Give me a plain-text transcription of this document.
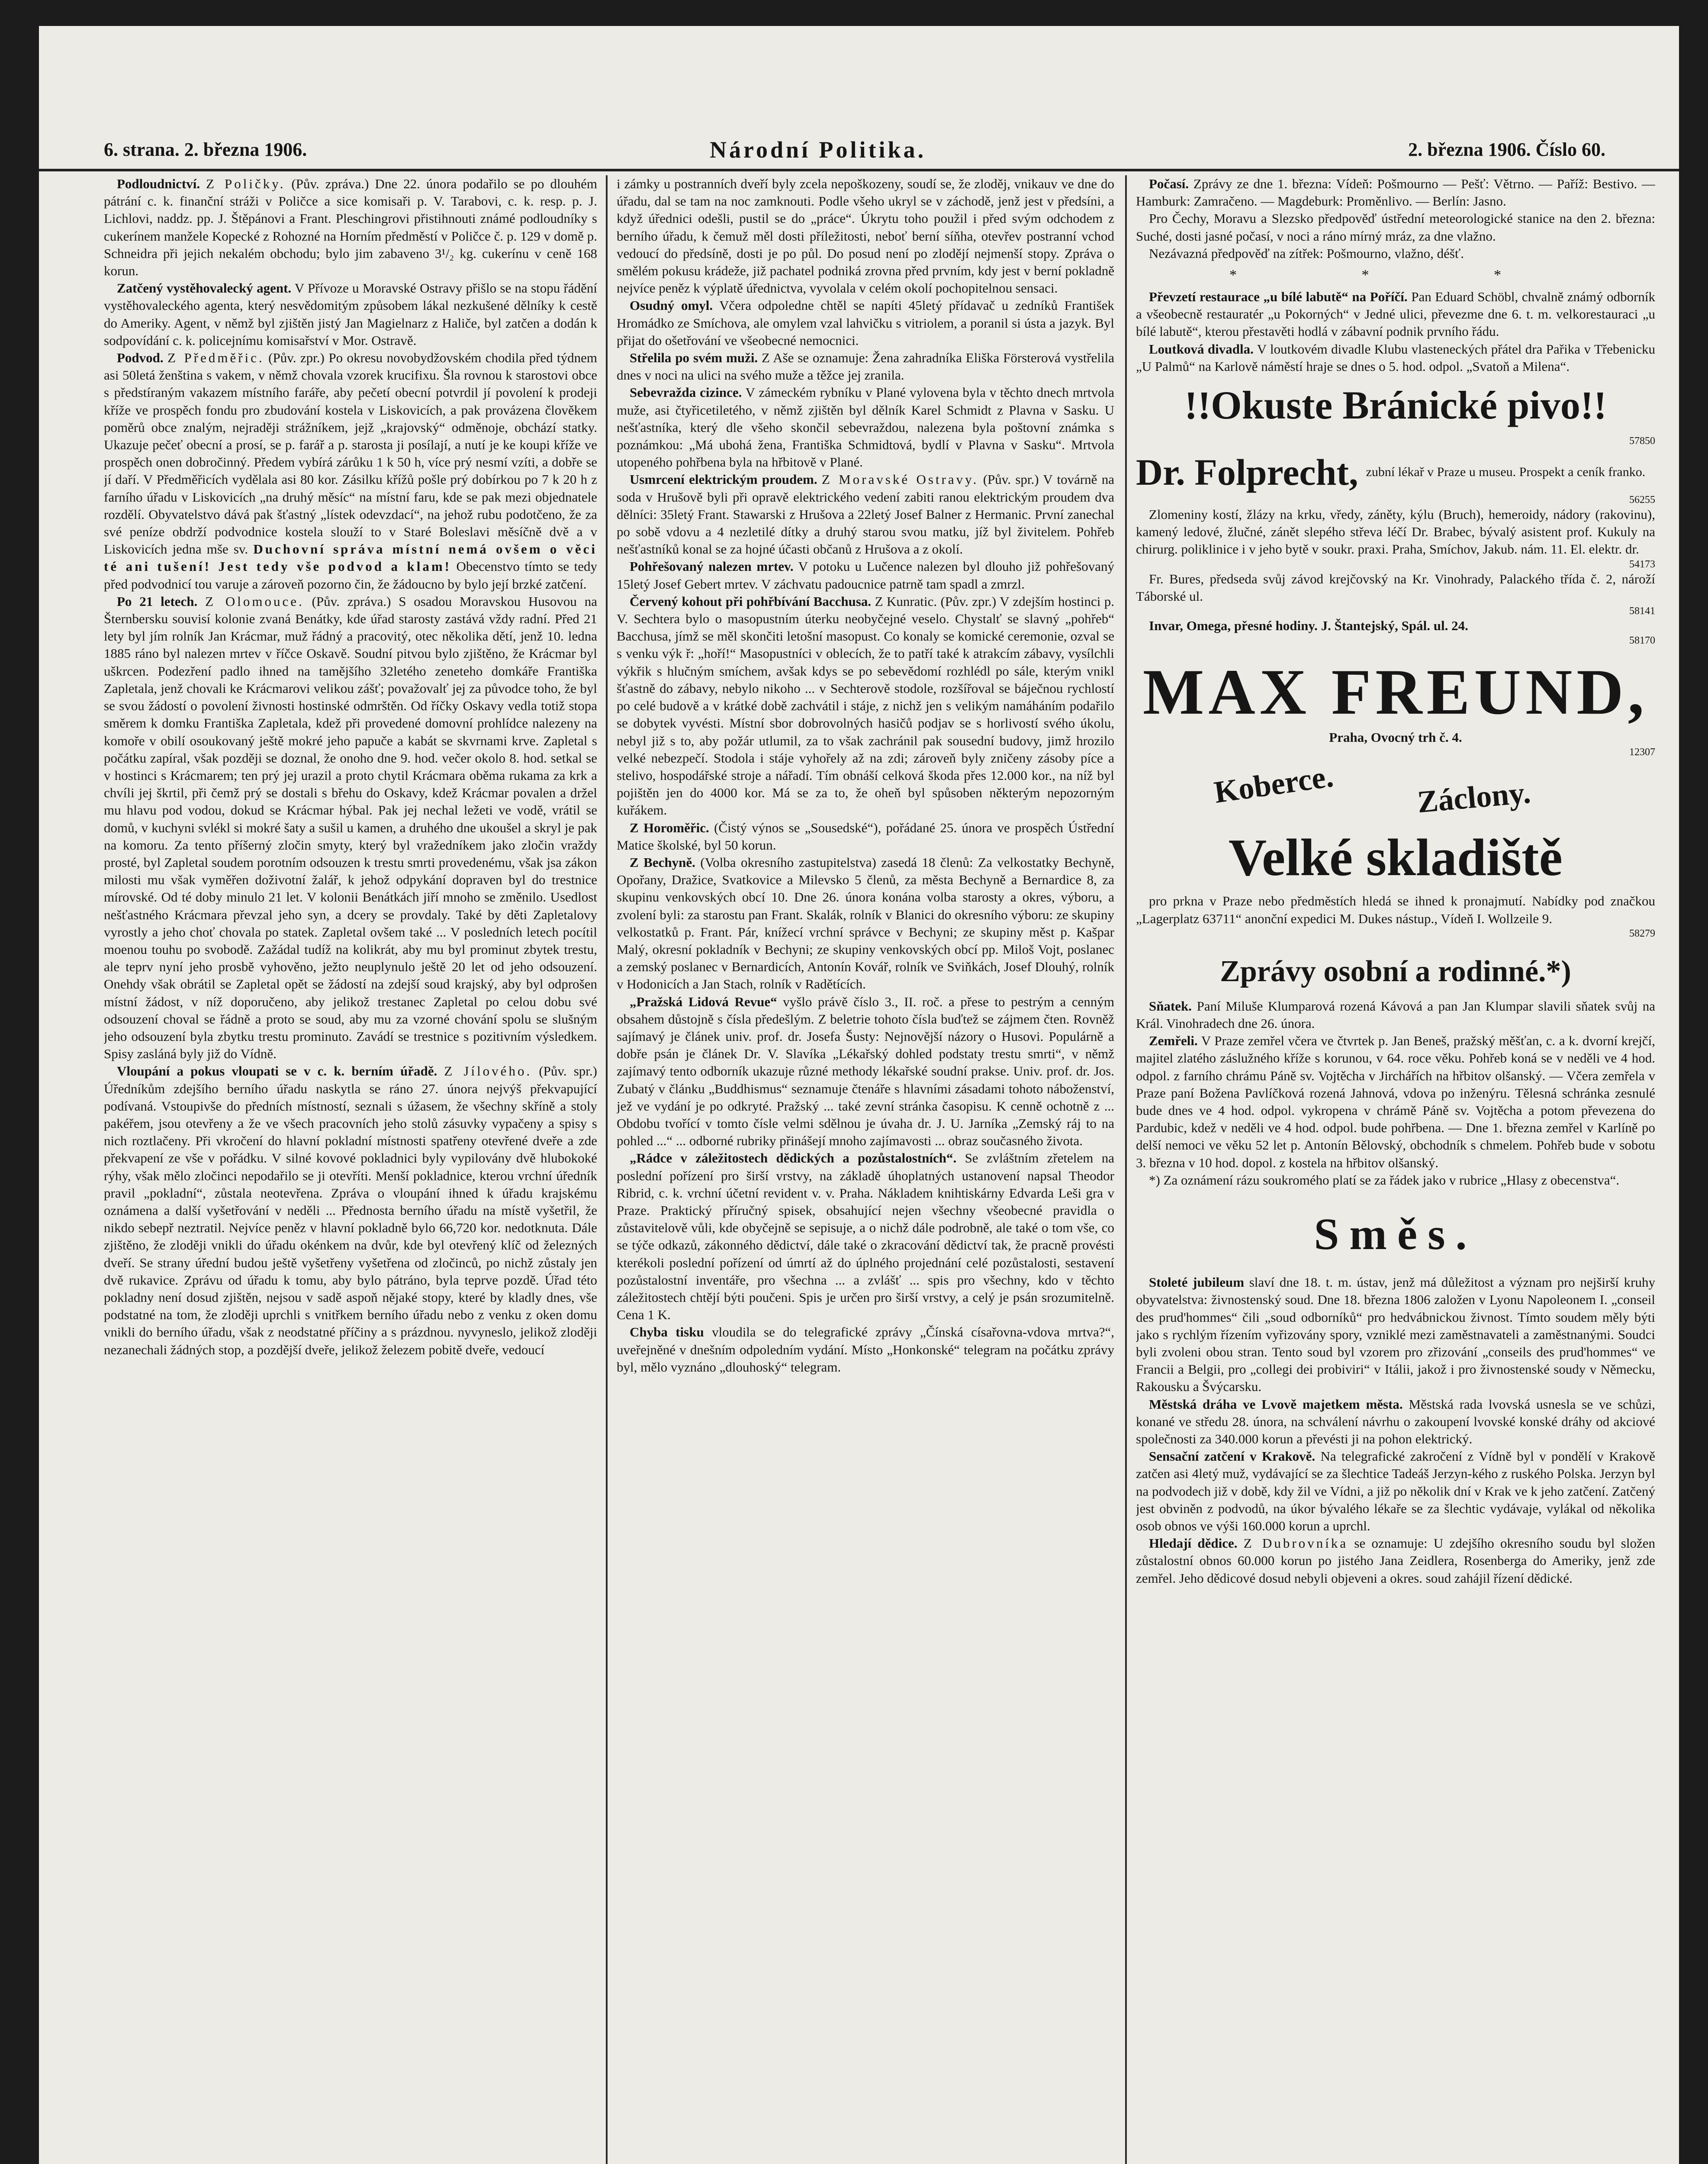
6. strana. 2. března 1906.	Národní Politika.	2. března 1906. Číslo 60.

Podloudnictví. Z Poličky. (Pův. zpráva.) Dne 22. února podařilo se po dlouhém pátrání c. k. finanční stráži v Poličce a sice komisaři p. V. Tarabovi, c. k. resp. p. J. Lichlovi, naddz. pp. J. Štěpánovi a Frant. Pleschingrovi přistihnouti známé podloudníky s cukerínem manžele Kopecké z Rohozné na Horním předměstí v Poličce č. p. 129 v domě p. Schneidra při jejich nekalém obchodu; bylo jim zabaveno 3¹/₂ kg. cukerínu v ceně 168 korun.

Zatčený vystěhovalecký agent. V Přívoze u Moravské Ostravy přišlo se na stopu řádění vystěhovaleckého agenta, který nesvědomitým způsobem lákal nezkušené dělníky k cestě do Ameriky. Agent, v němž byl zjištěn jistý Jan Magielnarz z Haliče, byl zatčen a dodán k sodpovídání c. k. policejnímu komisařství v Mor. Ostravě.

Podvod. Z Předměřic. (Pův. zpr.) Po okresu novobydžovském chodila před týdnem asi 50letá ženština s vakem, v němž chovala vzorek krucifixu. Šla rovnou k starostovi obce s předstíraným vakazem místního faráře, aby pečetí obecní potvrdil jí povolení k prodeji kříže ve prospěch fondu pro zbudování kostela v Liskovicích, a pak provázena člověkem poměrů obce znalým, nejraději strážníkem, jejž „krajovský“ odměnoje, obchází statky. Ukazuje pečeť obecní a prosí, se p. farář a p. starosta ji posílají, a nutí je ke koupi kříže ve prospěch onen dobročinný. Předem vybírá zárůku 1 k 50 h, více prý nesmí vzíti, a dobře se jí daří. V Předměřicích vydělala asi 80 kor. Zásilku křížů pošle prý dobírkou po 7 k 20 h z farního úřadu v Liskovicích „na druhý měsíc“ na místní faru, kde se pak mezi objednatele rozdělí. Obyvatelstvo dává pak šťastný „lístek odevzdací“, na jehož rubu podotčeno, že za své peníze obdrží podvodnice kostela slouží to v Staré Boleslavi měsíčně dvě a v Liskovicích jedna mše sv. Duchovní správa místní nemá ovšem o věci té ani tušení! Jest tedy vše podvod a klam! Obecenstvo tímto se tedy před podvodnicí tou varuje a zároveň pozorno čin, že žádoucno by bylo její brzké zatčení.

Po 21 letech. Z Olomouce. (Pův. zpráva.) S osadou Moravskou Husovou na Šternbersku souvisí kolonie zvaná Benátky, kde úřad starosty zastává vždy radní. Před 21 lety byl jím rolník Jan Krácmar, muž řádný a pracovitý, otec několika dětí, jenž 10. ledna 1885 ráno byl nalezen mrtev v říčce Oskavě. Soudní pitvou bylo zjištěno, že Krácmar byl uškrcen. Podezření padlo ihned na tamějšího 32letého zeneteho domkáře Františka Zapletala, jenž chovali ke Krácmarovi velikou zášť; považovalť jej za původce toho, že byl se svou žádostí o povolení živnosti hostinské odmrštěn. Od říčky Oskavy vedla totiž stopa směrem k domku Františka Zapletala, kdež při provedené domovní prohlídce nalezeny na komoře v obilí osoukovaný ještě mokré jeho papuče a kabát se skvrnami krve. Zapletal s počátku zapíral, však později se doznal, že onoho dne 9. hod. večer okolo 8. hod. setkal se v hostinci s Krácmarem; ten prý jej urazil a proto chytil Krácmara oběma rukama za krk a chvíli jej škrtil, při čemž prý se dostali s břehu do Oskavy, kdež Krácmar povalen a držel mu hlavu pod vodou, dokud se Krácmar hýbal. Pak jej nechal ležeti ve vodě, vrátil se domů, v kuchyni svlékl si mokré šaty a sušil u kamen, a druhého dne ukoušel a skryl je pak na komoru. Za tento příšerný zločin smyty, který byl vražedníkem jako zločin vraždy prosté, byl Zapletal soudem porotním odsouzen k trestu smrti provedenému, však jsa zákon milosti mu však vyměřen doživotní žalář, k jehož odpykání dopraven byl do trestnice mírovské. Od té doby minulo 21 let. V kolonii Benátkách jiří mnoho se změnilo. Usedlost nešťastného Krácmara převzal jeho syn, a dcery se provdaly. Také by děti Zapletalovy vyrostly a jeho choť chovala po statek. Zapletal ovšem také ... V posledních letech pocítil moenou touhu po svobodě. Zažádal tudíž na kolikrát, aby mu byl prominut zbytek trestu, ale teprv nyní jeho prosbě vyhověno, ježto neuplynulo ještě 20 let od jeho odsouzení. Onehdy však obrátil se Zapletal opět se žádostí na zdejší soud krajský, aby byl odprošen místní žádost, v níž doporučeno, aby jelikož trestanec Zapletal po celou dobu své odsouzení choval se řádně a proto se soud, aby mu za vzorné chování spolu se slušným jeho odsouzení byla zbytku trestu prominuto. Zavádí se trestnice s pozitivním výsledkem. Spisy zasláná byly již do Vídně.

Vloupání a pokus vloupati se v c. k. berním úřadě. Z Jílového. (Pův. spr.) Úředníkům zdejšího berního úřadu naskytla se ráno 27. února nejvýš překvapující podívaná. Vstoupivše do předních místností, seznali s úžasem, že všechny skříně a stoly pakéřem, jsou otevřeny a že ve všech pracovních jeho stolů zásuvky vypačeny a spisy s nich roztlačeny. Při vkročení do hlavní pokladní místnosti spatřeny otevřené dveře a zde překvapení ze vše v pořádku. V silné kovové pokladnici byly vypilovány dvě hlubokoké rýhy, však mělo zločinci nepodařilo se ji otevříti. Menší pokladnice, kterou vrchní úředník pravil „pokladní“, zůstala neotevřena. Zpráva o vloupání ihned k úřadu krajskému oznámena a další vyšetřování v neděli ... Přednosta berního úřadu na místě vyšetřil, že nikdo sebepř neztratil. Nejvíce peněz v hlavní pokladně bylo 66,720 kor. nedotknuta. Dále zjištěno, že zloději vnikli do úřadu okénkem na dvůr, kde byl otevřený klíč od železných dveří. Se strany úřední budou ještě vyšetřeny vyšetřena od zločinců, po nichž zůstaly jen dvě rukavice. Zprávu od úřadu k tomu, aby bylo pátráno, byla teprve pozdě. Úřad této pokladny není dosud zjištěn, nejsou v sadě aspoň nějaké stopy, které by kladly dnes, vše podstatné na tom, že zloději uprchli s vnitřkem berního úřadu nebo z venku z oken domu vnikli do berního úřadu, však z neodstatné příčiny a s prázdnou. nyvyneslo, jelikož zloději nezanechali žádných stop, a pozdější dveře, jelikož železem pobitě dveře, vedoucí

i zámky u postranních dveří byly zcela nepoškozeny, soudí se, že zloděj, vnikauv ve dne do úřadu, dal se tam na noc zamknouti. Podle všeho ukryl se v záchodě, jenž jest v předsíni, a když úřednici odešli, pustil se do „práce“. Úkrytu toho použil i před svým odchodem z berního úřadu, k čemuž měl dosti příležitosti, neboť berní síňha, otevřev postranní vchod vedoucí do předsíně, dosti je po půl. Do posud není po zlodějí nejmenší stopy. Zpráva o smělém pokusu krádeže, již pachatel podniká zrovna před prvním, kdy jest v berní pokladně nejvíce peněz k výplatě úřednictva, vyvolala v celém okolí pochopitelnou sensaci.

Osudný omyl. Včera odpoledne chtěl se napíti 45letý přídavač u zedníků František Hromádko ze Smíchova, ale omylem vzal lahvičku s vitriolem, a poranil si ústa a jazyk. Byl přijat do ošetřování ve všeobecné nemocnici.

Střelila po svém muži. Z Aše se oznamuje: Žena zahradníka Eliška Försterová vystřelila dnes v noci na ulici na svého muže a těžce jej zranila.

Sebevražda cizince. V zámeckém rybníku v Plané vylovena byla v těchto dnech mrtvola muže, asi čtyřicetiletého, v němž zjištěn byl dělník Karel Schmidt z Plavna v Sasku. U nešťastníka, který dle všeho skončil sebevraždou, nalezena byla poštovní známka s poznámkou: „Má ubohá žena, Františka Schmidtová, bydlí v Plavna v Sasku“. Mrtvola utopeného pohřbena byla na hřbitově v Plané.

Usmrcení elektrickým proudem. Z Moravské Ostravy. (Pův. spr.) V továrně na soda v Hrušově byli při opravě elektrického vedení zabiti ranou elektrickým proudem dva dělníci: 35letý Frant. Stawarski z Hrušova a 22letý Josef Balner z Hermanic. První zanechal po sobě vdovu a 4 nezletilé dítky a druhý starou svou matku, jíž byl živitelem. Pohřeb nešťastníků konal se za hojné účasti občanů z Hrušova a z okolí.

Pohřešovaný nalezen mrtev. V potoku u Lučence nalezen byl dlouho již pohřešovaný 15letý Josef Gebert mrtev. V záchvatu padoucnice patrně tam spadl a zmrzl.

Červený kohout při pohřbívání Bacchusa. Z Kunratic. (Pův. zpr.) V zdejším hostinci p. V. Sechtera bylo o masopustním úterku neobyčejné veselo. Chystalť se slavný „pohřeb“ Bacchusa, jímž se měl skončiti letošní masopust. Co konaly se komické ceremonie, ozval se s venku výk ř: „hoří!“ Masopustníci v oblecích, že to patří také k atrakcím zábavy, vysílchli výkřik s hlučným smíchem, avšak kdys se po sebevědomí rozhlédl po sále, kterým vnikl šťastně do zábavy, nebylo nikoho ... v Sechterově stodole, rozšířoval se báječnou rychlostí po celé budově a v krátké době zachvátil i stáje, z nichž jen s velikým namáháním podařilo se dobytek vyvésti. Místní sbor dobrovolných hasičů podjav se s horlivostí svého úkolu, nebyl již s to, aby požár utlumil, za to však zachránil pak sousední budovy, jimž hrozilo velké nebezpečí. Stodola i stáje vyhořely až na zdi; zároveň byly zničeny zásoby píce a stelivo, hospodářské stroje a nářadí. Tím obnáší celková škoda přes 12.000 kor., na níž byl pojištěn jen do 4000 kor. Má se za to, že oheň byl spůsoben některým nepozorným kuřákem.

Z Horoměřic. (Čistý výnos se „Sousedské“), pořádané 25. února ve prospěch Ústřední Matice školské, byl 50 korun.

Z Bechyně. (Volba okresního zastupitelstva) zasedá 18 členů: Za velkostatky Bechyně, Opořany, Dražice, Svatkovice a Milevsko 5 členů, za města Bechyně a Bernardice 8, za skupinu venkovských obcí 10. Dne 26. února konána volba starosty a okres, výboru, a zvolení byli: za starostu pan Frant. Skalák, rolník v Blanici do okresního výboru: ze skupiny velkostatků p. Frant. Pár, knížecí vrchní správce v Bechyni; ze skupiny měst p. Kašpar Malý, okresní pokladník v Bechyni; ze skupiny venkovských obcí pp. Miloš Vojt, poslanec a zemský poslanec v Bernardicích, Antonín Kovář, rolník ve Sviňkách, Josef Dlouhý, rolník v Hodonicích a Jan Stach, rolník v Radětících.

„Pražská Lidová Revue“ vyšlo právě číslo 3., II. roč. a přese to pestrým a cenným obsahem důstojně s čísla předešlým. Z beletrie tohoto čísla buďtež se zájmem čten. Rovněž sajímavý je článek univ. prof. dr. Josefa Šusty: Nejnovější názory o Husovi. Populárně a dobře psán je článek Dr. V. Slavíka „Lékařský dohled podstaty trestu smrti“, v němž zajímavý tento odborník ukazuje různé methody lékařské soudní prakse. Univ. prof. dr. Jos. Zubatý v článku „Buddhismus“ seznamuje čtenáře s hlavními zásadami tohoto náboženství, jež ve vydání je po odkryté. Pražský ... také zevní stránka časopisu. K cenně ochotně z ... Obdobu tvořící v tomto čísle velmi sdělnou je úvaha dr. J. U. Jarníka „Zemský ráj to na pohled ...“ ... odborné rubriky přinášejí mnoho zajímavosti ... obraz současného života.

„Rádce v záležitostech dědických a pozůstalostních“. Se zvláštním zřetelem na poslední pořízení pro širší vrstvy, na základě úhoplatných ustanovení napsal Theodor Ribrid, c. k. vrchní účetní revident v. v. Praha. Nákladem knihtiskárny Edvarda Leši gra v Praze. Praktický příručný spisek, obsahující nejen všechny všeobecné pravidla o zůstavitelově vůli, kde obyčejně se sepisuje, a o nichž dále podrobně, ale také o tom vše, co se týče odkazů, zákonného dědictví, dále také o zkracování dědictví tak, že pracně provésti kterékoli poslední pořízení od úmrtí až do úplného projednání celé pozůstalosti, sestavení pozůstalostní inventáře, pro všechna ... a zvlášť ... spis pro všechny, kdo v těchto záležitostech chtějí býti poučeni. Spis je určen pro širší vrstvy, a celý je psán srozumitelně. Cena 1 K.

Chyba tisku vloudila se do telegrafické zprávy „Čínská císařovna-vdova mrtva?“, uveřejněné v dnešním odpoledním vydání. Místo „Honkonské“ telegram na počátku zprávy byl, mělo vyznáno „dlouhoský“ telegram.

Počasí. Zprávy ze dne 1. března: Vídeň: Pošmourno — Pešť: Větrno. — Paříž: Bestivo. — Hamburk: Zamračeno. — Magdeburk: Proměnlivo. — Berlín: Jasno.

Pro Čechy, Moravu a Slezsko předpověď ústřední meteorologické stanice na den 2. března: Suché, dosti jasné počasí, v noci a ráno mírný mráz, za dne vlažno.

Nezávazná předpověď na zítřek: Pošmourno, vlažno, déšť.

* * *

Převzetí restaurace „u bílé labutě“ na Poříčí. Pan Eduard Schöbl, chvalně známý odborník a všeobecně restauratér „u Pokorných“ v Jedné ulici, převezme dne 6. t. m. velkorestauraci „u bílé labutě“, kterou přestavěti hodlá v zábavní podnik prvního řádu.

Loutková divadla. V loutkovém divadle Klubu vlasteneckých přátel dra Pařika v Třebenicku „U Palmů“ na Karlově náměstí hraje se dnes o 5. hod. odpol. „Svatoň a Milena“.

!!Okuste Bránické pivo!!
57850
Dr. Folprecht, zubní lékař v Praze u museu. Prospekt a ceník franko.
56255

Zlomeniny kostí, žlázy na krku, vředy, záněty, kýlu (Bruch), hemeroidy, nádory (rakovinu), kamený ledové, žlučné, zánět slepého střeva léčí Dr. Brabec, bývalý asistent prof. Kukuly na chirurg. poliklinice i v jeho bytě v soukr. praxi. Praha, Smíchov, Jakub. nám. 11. El. elektr. dr.

54173

Fr. Bures, předseda svůj závod krejčovský na Kr. Vinohrady, Palackého třída č. 2, nároží Táborské ul.

58141

Invar, Omega, přesné hodiny. J. Štantejský, Spál. ul. 24.

58170
MAX FREUND,

Praha, Ovocný trh č. 4.

12307
Koberce.	Záclony.
Velké skladiště

pro prkna v Praze nebo předměstích hledá se ihned k pronajmutí. Nabídky pod značkou „Lagerplatz 63711“ anonční expedici M. Dukes nástup., Vídeň I. Wollzeile 9.

58279
Zprávy osobní a rodinné.*)

Sňatek. Paní Miluše Klumparová rozená Kávová a pan Jan Klumpar slavili sňatek svůj na Král. Vinohradech dne 26. února.

Zemřeli. V Praze zemřel včera ve čtvrtek p. Jan Beneš, pražský měšťan, c. a k. dvorní krejčí, majitel zlatého záslužného kříže s korunou, v 64. roce věku. Pohřeb koná se v neděli ve 4 hod. odpol. z farního chrámu Páně sv. Vojtěcha v Jirchářích na hřbitov olšanský. — Včera zemřela v Praze paní Božena Pavlíčková rozená Jahnová, vdova po inženýru. Tělesná schránka zesnulé bude dnes ve 4 hod. odpol. vykropena v chrámě Páně sv. Vojtěcha a potom převezena do Pardubic, kdež v neděli ve 4 hod. odpol. bude pohřbena. — Dne 1. března zemřel v Karlíně po delší nemoci ve věku 52 let p. Antonín Bělovský, obchodník s chmelem. Pohřeb bude v sobotu 3. března v 10 hod. dopol. z kostela na hřbitov olšanský.

*) Za oznámení rázu soukromého platí se za řádek jako v rubrice „Hlasy z obecenstva“.

Směs.

Stoleté jubileum slaví dne 18. t. m. ústav, jenž má důležitost a význam pro nejširší kruhy obyvatelstva: živnostenský soud. Dne 18. března 1806 založen v Lyonu Napoleonem I. „conseil des prud'hommes“ čili „soud odborníků“ pro hedvábnickou živnost. Tímto soudem měly býti jako s rychlým řízením vyřizovány spory, vzniklé mezi zaměstnavateli a zaměstnanými. Soudci byli zvoleni obou stran. Tento soud byl vzorem pro zřizování „conseils des prud'hommes“ ve Francii a Belgii, pro „collegi dei probiviri“ v Itálii, jakož i pro živnostenské soudy v Německu, Rakousku a Švýcarsku.

Městská dráha ve Lvově majetkem města. Městská rada lvovská usnesla se ve schůzi, konané ve středu 28. února, na schválení návrhu o zakoupení lvovské konské dráhy od akciové společnosti za 340.000 korun a převésti ji na pohon elektrický.

Sensační zatčení v Krakově. Na telegrafické zakročení z Vídně byl v pondělí v Krakově zatčen asi 4letý muž, vydávající se za šlechtice Tadeáš Jerzyn-kého z ruského Polska. Jerzyn byl na podvodech již v době, kdy žil ve Vídni, a již po několik dní v Krak ve k jeho zatčení. Zatčený jest obviněn z podvodů, na úkor bývalého lékaře se za šlechtic vydávaje, vylákal od několika osob obnos ve výši 160.000 korun a uprchl.

Hledají dědice. Z Dubrovníka se oznamuje: U zdejšího okresního soudu byl složen zůstalostní obnos 60.000 korun po jistého Jana Zeidlera, Rosenberga do Ameriky, jenž zde zemřel. Jeho dědicové dosud nebyli objeveni a okres. soud zahájil řízení dědické.
